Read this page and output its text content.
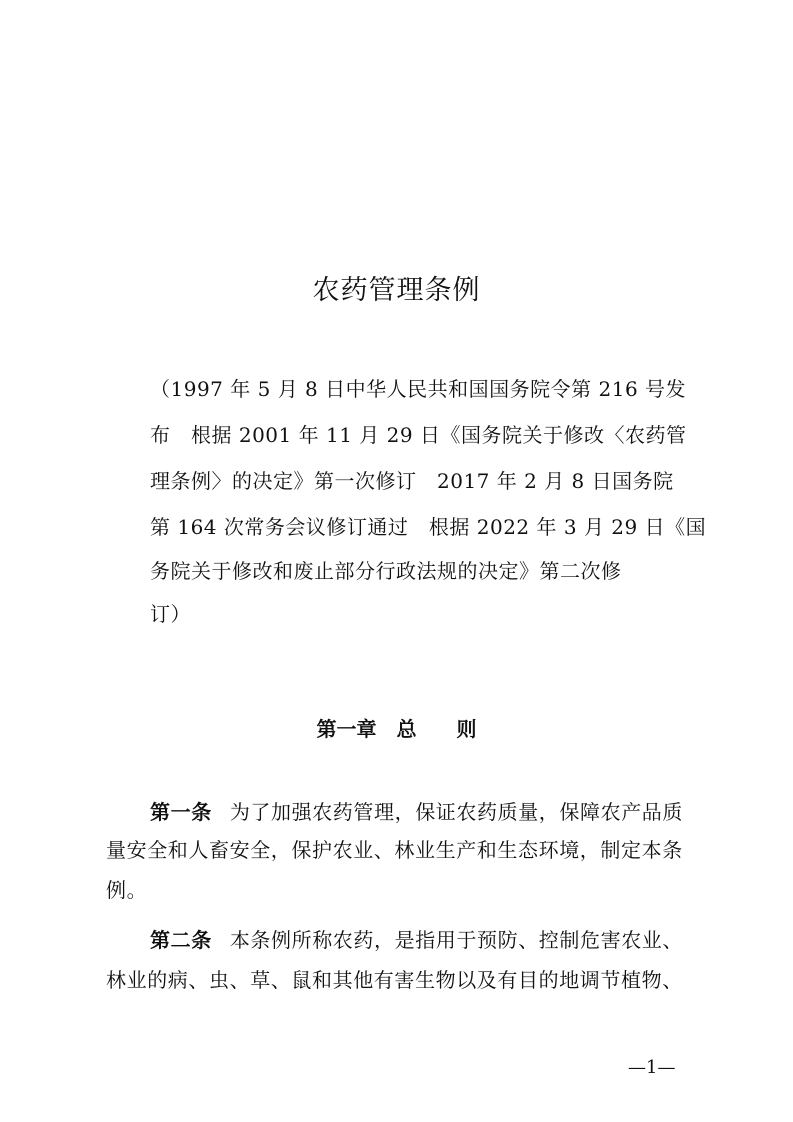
农药管理条例
（1997 年 5 月 8 日中华人民共和国国务院令第 216 号发
布　根据 2001 年 11 月 29 日《国务院关于修改〈农药管
理条例〉的决定》第一次修订　2017 年 2 月 8 日国务院
第 164 次常务会议修订通过　根据 2022 年 3 月 29 日《国
务院关于修改和废止部分行政法规的决定》第二次修
订）
第一章　总　　则
第一条 为了加强农药管理，保证农药质量，保障农产品质
量安全和人畜安全，保护农业、林业生产和生态环境，制定本条
例。
第二条 本条例所称农药，是指用于预防、控制危害农业、
林业的病、虫、草、鼠和其他有害生物以及有目的地调节植物、
—1—
